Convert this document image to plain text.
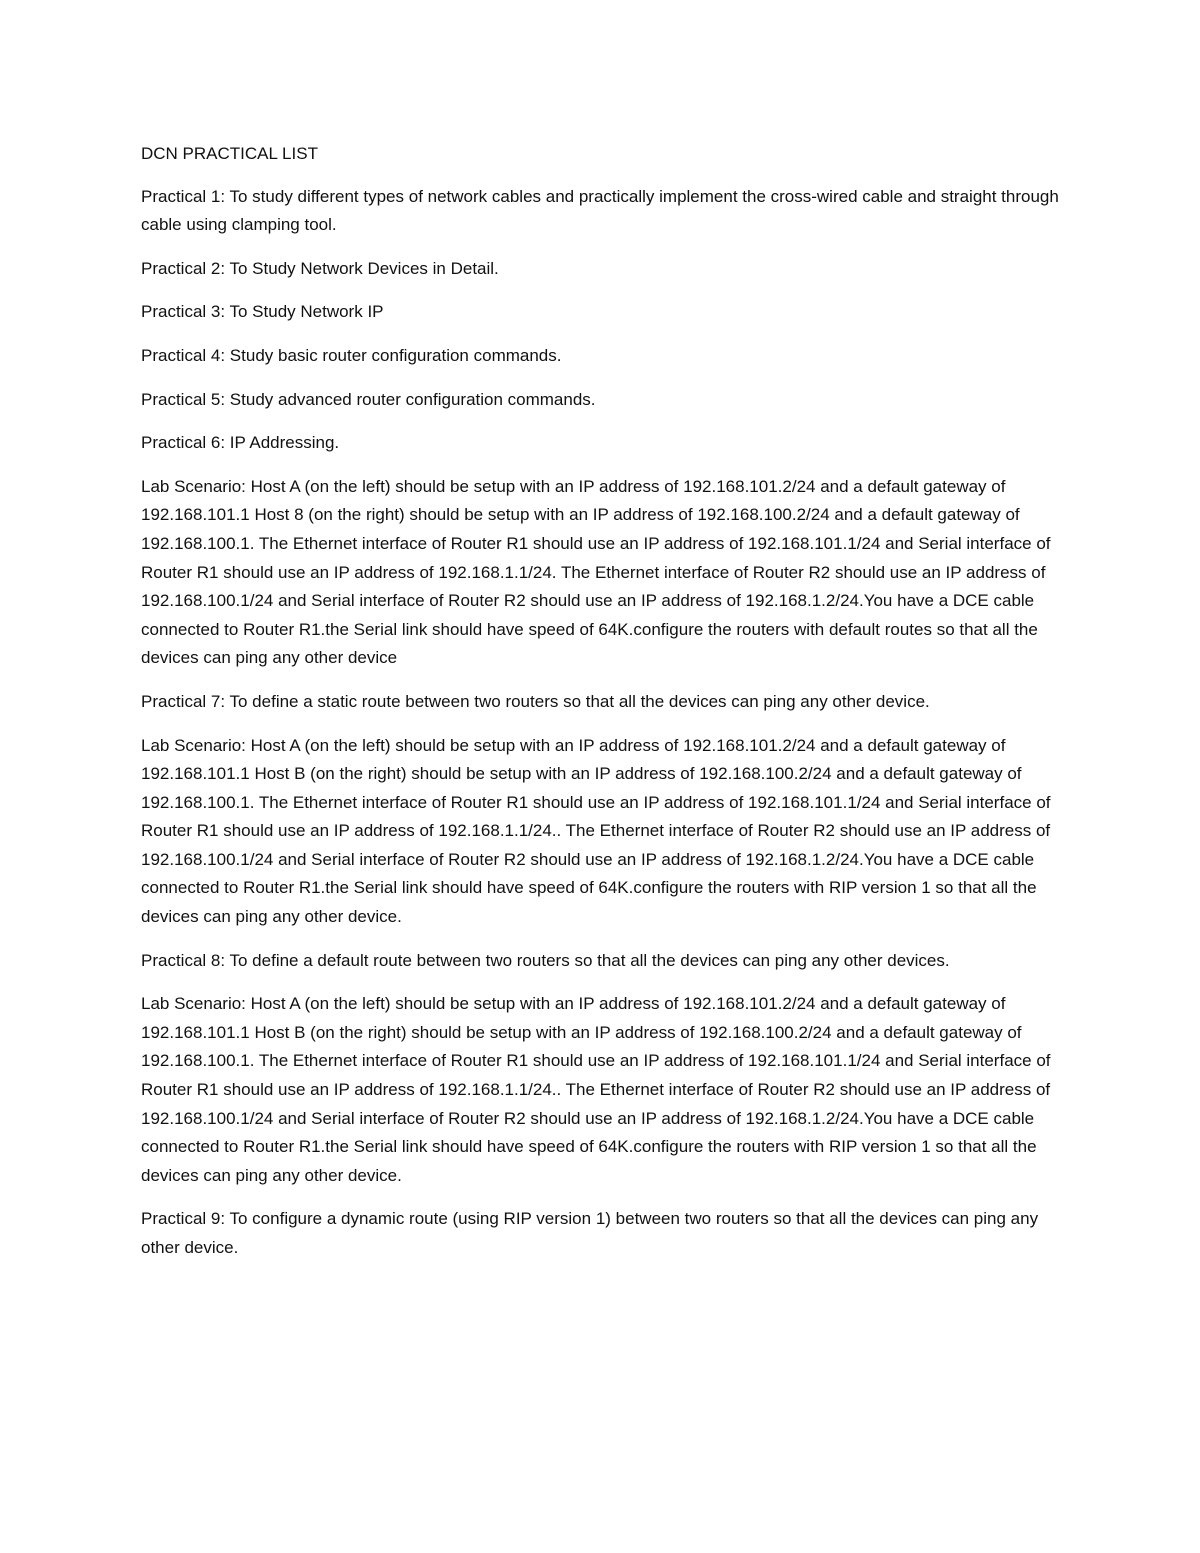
DCN PRACTICAL LIST

Practical 1: To study different types of network cables and practically implement the cross-wired cable and straight through cable using clamping tool.

Practical 2: To Study Network Devices in Detail.

Practical 3: To Study Network IP

Practical 4: Study basic router configuration commands.

Practical 5: Study advanced router configuration commands.

Practical 6: IP Addressing.

Lab Scenario: Host A (on the left) should be setup with an IP address of 192.168.101.2/24 and a default gateway of 192.168.101.1 Host 8 (on the right) should be setup with an IP address of 192.168.100.2/24 and a default gateway of 192.168.100.1. The Ethernet interface of Router R1 should use an IP address of 192.168.101.1/24 and Serial interface of Router R1 should use an IP address of 192.168.1.1/24. The Ethernet interface of Router R2 should use an IP address of 192.168.100.1/24 and Serial interface of Router R2 should use an IP address of 192.168.1.2/24.You have a DCE cable connected to Router R1.the Serial link should have speed of 64K.configure the routers with default routes so that all the devices can ping any other device

Practical 7: To define a static route between two routers so that all the devices can ping any other device.

Lab Scenario: Host A (on the left) should be setup with an IP address of 192.168.101.2/24 and a default gateway of 192.168.101.1 Host B (on the right) should be setup with an IP address of 192.168.100.2/24 and a default gateway of 192.168.100.1. The Ethernet interface of Router R1 should use an IP address of 192.168.101.1/24 and Serial interface of Router R1 should use an IP address of 192.168.1.1/24.. The Ethernet interface of Router R2 should use an IP address of 192.168.100.1/24 and Serial interface of Router R2 should use an IP address of 192.168.1.2/24.You have a DCE cable connected to Router R1.the Serial link should have speed of 64K.configure the routers with RIP version 1 so that all the devices can ping any other device.

Practical 8: To define a default route between two routers so that all the devices can ping any other devices.

Lab Scenario: Host A (on the left) should be setup with an IP address of 192.168.101.2/24 and a default gateway of 192.168.101.1 Host B (on the right) should be setup with an IP address of 192.168.100.2/24 and a default gateway of 192.168.100.1. The Ethernet interface of Router R1 should use an IP address of 192.168.101.1/24 and Serial interface of Router R1 should use an IP address of 192.168.1.1/24.. The Ethernet interface of Router R2 should use an IP address of 192.168.100.1/24 and Serial interface of Router R2 should use an IP address of 192.168.1.2/24.You have a DCE cable connected to Router R1.the Serial link should have speed of 64K.configure the routers with RIP version 1 so that all the devices can ping any other device.

Practical 9: To configure a dynamic route (using RIP version 1) between two routers so that all the devices can ping any other device.
